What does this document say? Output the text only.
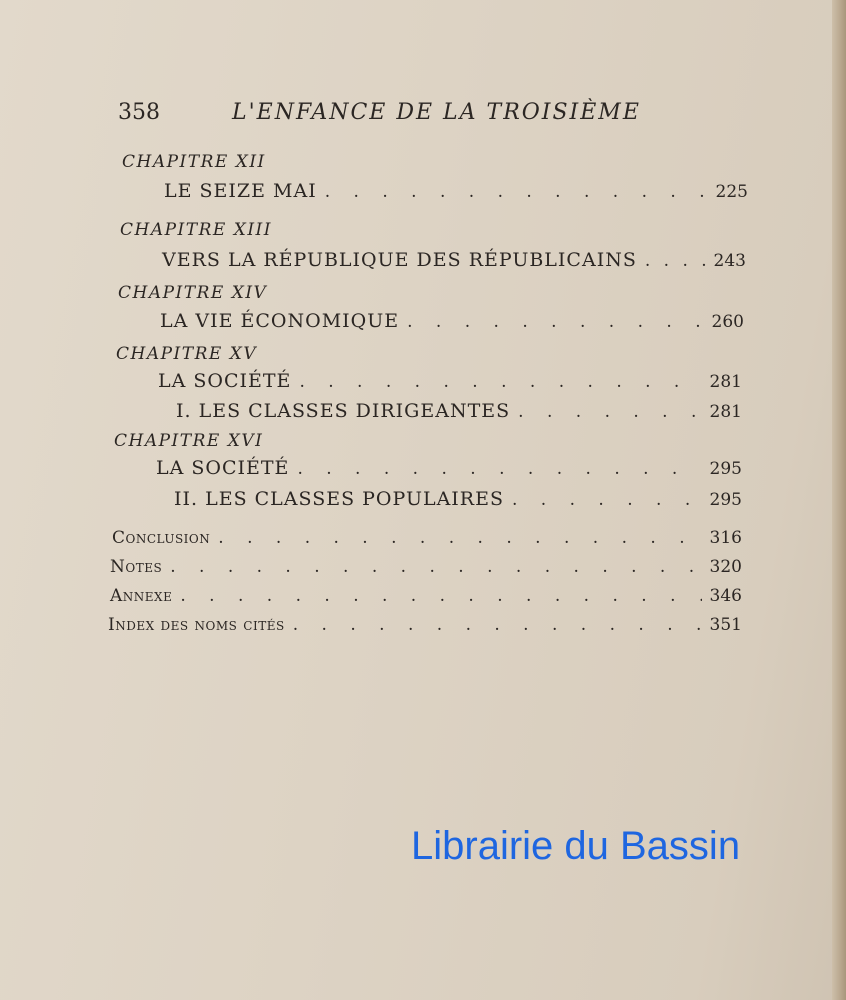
358	L'ENFANCE DE LA TROISIÈME
CHAPITRE XII
LE SEIZE MAI . . .	225
CHAPITRE XIII
VERS LA RÉPUBLIQUE DES RÉPUBLICAINS . . .	243
CHAPITRE XIV
LA VIE ÉCONOMIQUE . . .	260
CHAPITRE XV
LA SOCIÉTÉ . . .	281
I. LES CLASSES DIRIGEANTES . . .	281
CHAPITRE XVI
LA SOCIÉTÉ . . .	295
II. LES CLASSES POPULAIRES . . .	295
Conclusion . . .	316
Notes . . .	320
Annexe . . .	346
Index des noms cités . . .	351
Librairie du Bassin
